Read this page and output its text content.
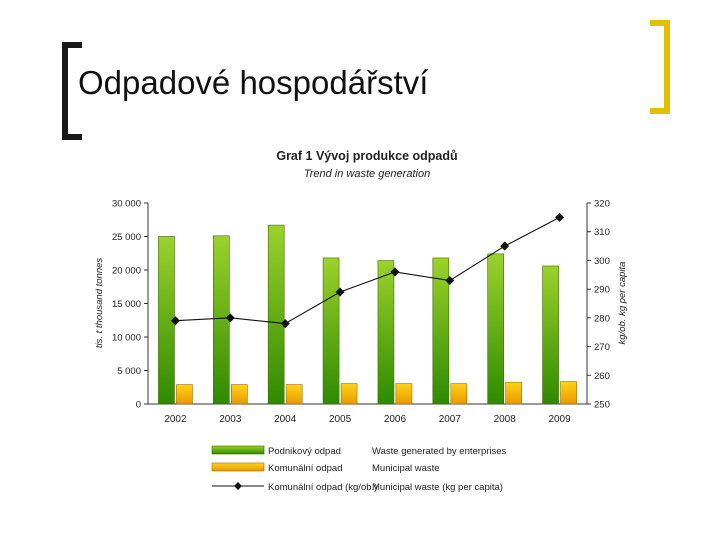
Odpadové hospodářství
Graf 1 Vývoj produkce odpadů
Trend in waste generation
0
5 000
10 000
15 000
20 000
25 000
30 000
250
260
270
280
290
300
310
320
2002	2003	2004	2005	2006	2007	2008	2009
tis. t thousand tonnes	kg/ob. kg per capita
Podnikový odpad	Waste generated by enterprises
Komunální odpad	Municipal waste
Komunální odpad (kg/ob.)
Municipal waste (kg per capita)
